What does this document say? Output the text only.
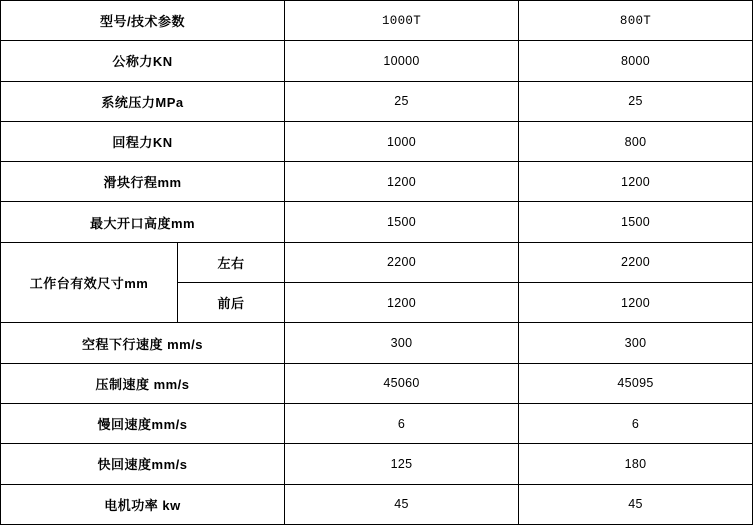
型号/技术参数		1000T	800T
公称力KN		10000	8000
系统压力MPa		25	25
回程力KN		1000	800
滑块行程mm		1200	1200
最大开口高度mm		1500	1500
工作台有效尺寸mm	左右	2200	2200
	前后	1200	1200
空程下行速度 mm/s		300	300
压制速度 mm/s		45060	45095
慢回速度mm/s		6	6
快回速度mm/s		125	180
电机功率 kw		45	45
